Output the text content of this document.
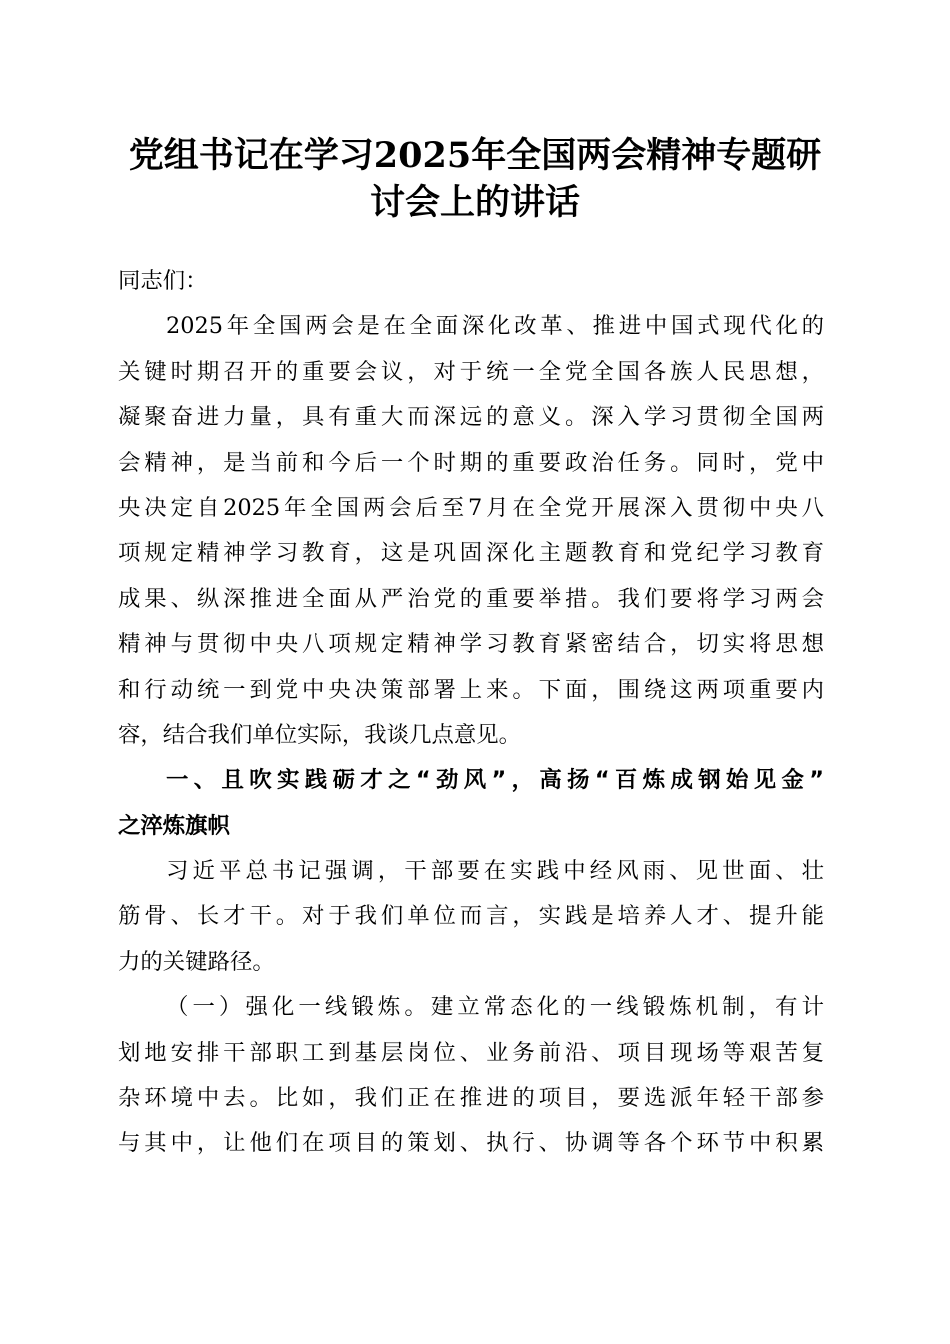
党组书记在学习2025年全国两会精神专题研
讨会上的讲话
同志们：
2025年全国两会是在全面深化改革、推进中国式现代化的
关键时期召开的重要会议，对于统一全党全国各族人民思想，
凝聚奋进力量，具有重大而深远的意义。深入学习贯彻全国两
会精神，是当前和今后一个时期的重要政治任务。同时，党中
央决定自2025年全国两会后至7月在全党开展深入贯彻中央八
项规定精神学习教育，这是巩固深化主题教育和党纪学习教育
成果、纵深推进全面从严治党的重要举措。我们要将学习两会
精神与贯彻中央八项规定精神学习教育紧密结合，切实将思想
和行动统一到党中央决策部署上来。下面，围绕这两项重要内
容，结合我们单位实际，我谈几点意见。
一、且吹实践砺才之“劲风”，高扬“百炼成钢始见金”
之淬炼旗帜
习近平总书记强调，干部要在实践中经风雨、见世面、壮
筋骨、长才干。对于我们单位而言，实践是培养人才、提升能
力的关键路径。
（一）强化一线锻炼。建立常态化的一线锻炼机制，有计
划地安排干部职工到基层岗位、业务前沿、项目现场等艰苦复
杂环境中去。比如，我们正在推进的项目，要选派年轻干部参
与其中，让他们在项目的策划、执行、协调等各个环节中积累
